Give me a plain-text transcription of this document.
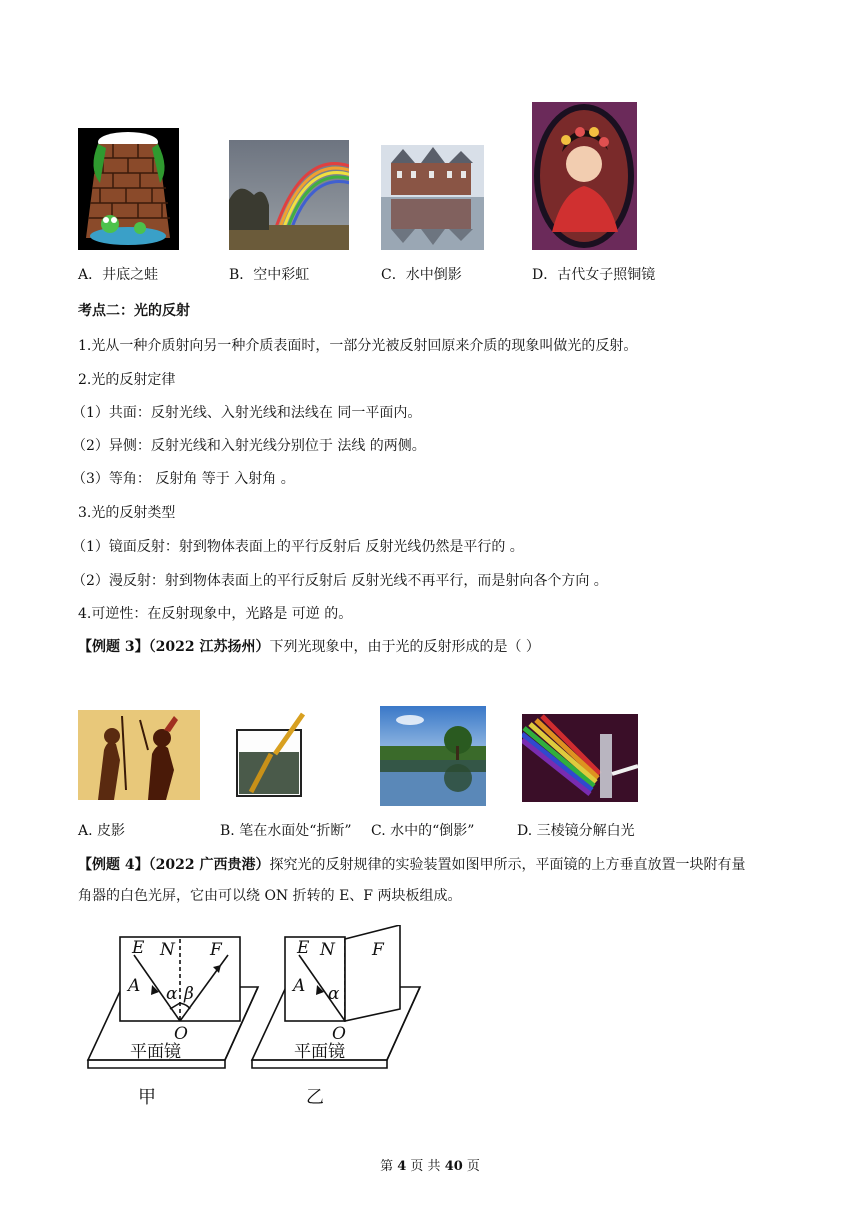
A．井底之蛙	B．空中彩虹	C．水中倒影	D．古代女子照铜镜
考点二：光的反射
1.光从一种介质射向另一种介质表面时，一部分光被反射回原来介质的现象叫做光的反射。
2.光的反射定律
（1）共面：反射光线、入射光线和法线在 同一平面内。
（2）异侧：反射光线和入射光线分别位于 法线 的两侧。
（3）等角： 反射角 等于 入射角 。
3.光的反射类型
（1）镜面反射：射到物体表面上的平行反射后 反射光线仍然是平行的 。
（2）漫反射：射到物体表面上的平行反射后 反射光线不再平行，而是射向各个方向 。
4.可逆性：在反射现象中，光路是 可逆 的。
【例题 3】（2022 江苏扬州）下列光现象中，由于光的反射形成的是（ ）
A. 皮影	B. 笔在水面处“折断” C. 水中的“倒影”	D. 三棱镜分解白光
【例题 4】（2022 广西贵港）探究光的反射规律的实验装置如图甲所示，平面镜的上方垂直放置一块附有量
角器的白色光屏，它由可以绕 ON 折转的 E、F 两块板组成。
E N F
A α β
O
平面镜
甲
E N F
A α
O
平面镜
乙
第 4 页 共 40 页
